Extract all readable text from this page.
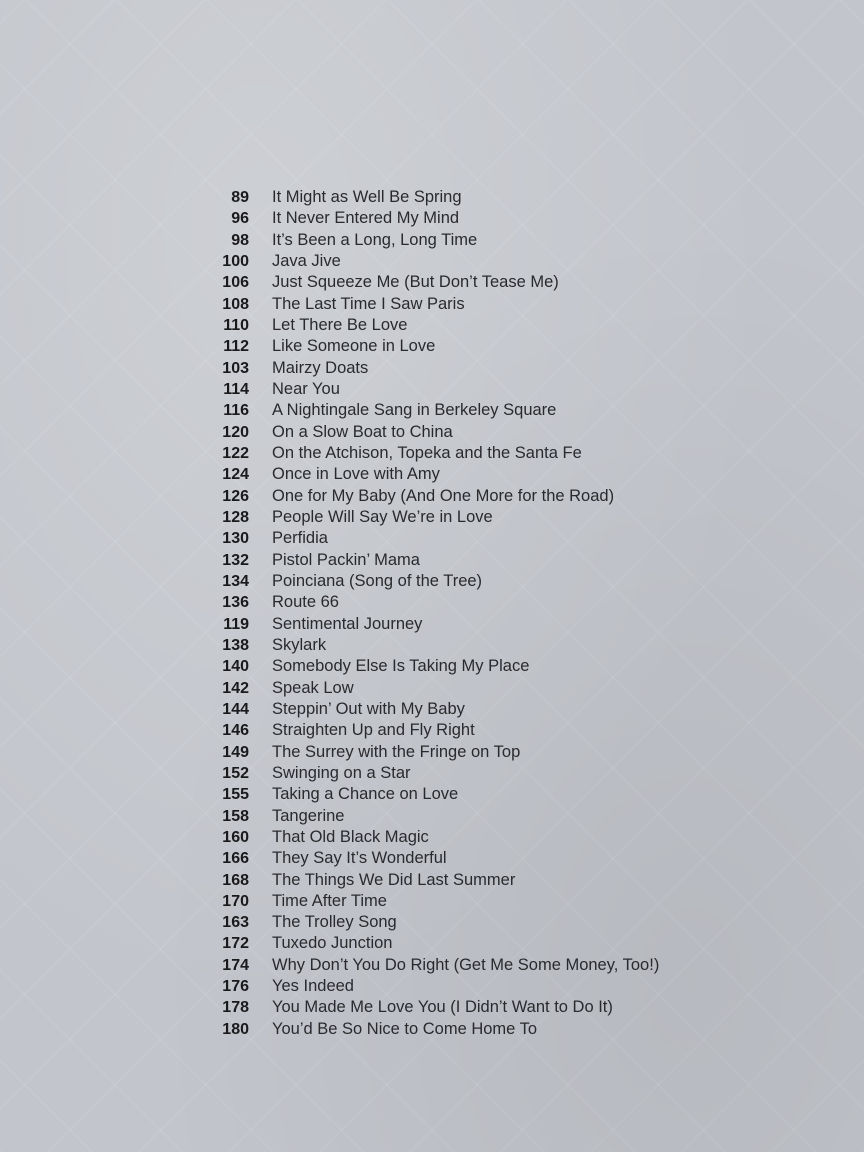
89 It Might as Well Be Spring
96 It Never Entered My Mind
98 It’s Been a Long, Long Time
100 Java Jive
106 Just Squeeze Me (But Don’t Tease Me)
108 The Last Time I Saw Paris
110 Let There Be Love
112 Like Someone in Love
103 Mairzy Doats
114 Near You
116 A Nightingale Sang in Berkeley Square
120 On a Slow Boat to China
122 On the Atchison, Topeka and the Santa Fe
124 Once in Love with Amy
126 One for My Baby (And One More for the Road)
128 People Will Say We’re in Love
130 Perfidia
132 Pistol Packin’ Mama
134 Poinciana (Song of the Tree)
136 Route 66
119 Sentimental Journey
138 Skylark
140 Somebody Else Is Taking My Place
142 Speak Low
144 Steppin’ Out with My Baby
146 Straighten Up and Fly Right
149 The Surrey with the Fringe on Top
152 Swinging on a Star
155 Taking a Chance on Love
158 Tangerine
160 That Old Black Magic
166 They Say It’s Wonderful
168 The Things We Did Last Summer
170 Time After Time
163 The Trolley Song
172 Tuxedo Junction
174 Why Don’t You Do Right (Get Me Some Money, Too!)
176 Yes Indeed
178 You Made Me Love You (I Didn’t Want to Do It)
180 You’d Be So Nice to Come Home To
